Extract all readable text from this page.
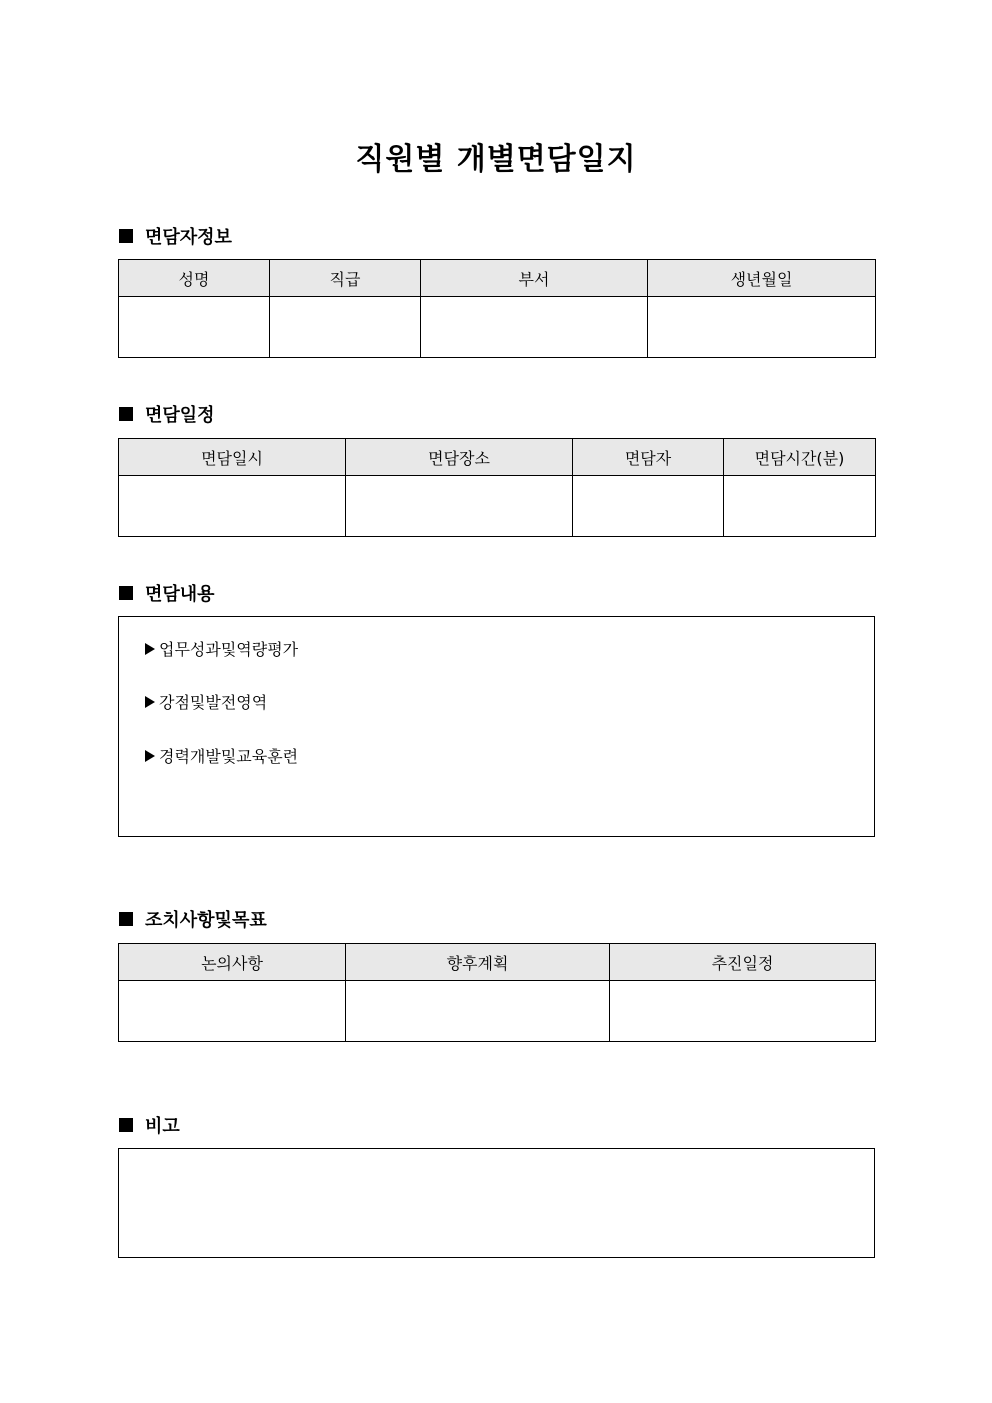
직원별 개별면담일지
면담자정보
성명	직급	부서	생년월일

면담일정
면담일시	면담장소	면담자	면담시간(분)

면담내용
업무성과및역량평가
강점및발전영역
경력개발및교육훈련
조치사항및목표
논의사항	향후계획	추진일정

비고
